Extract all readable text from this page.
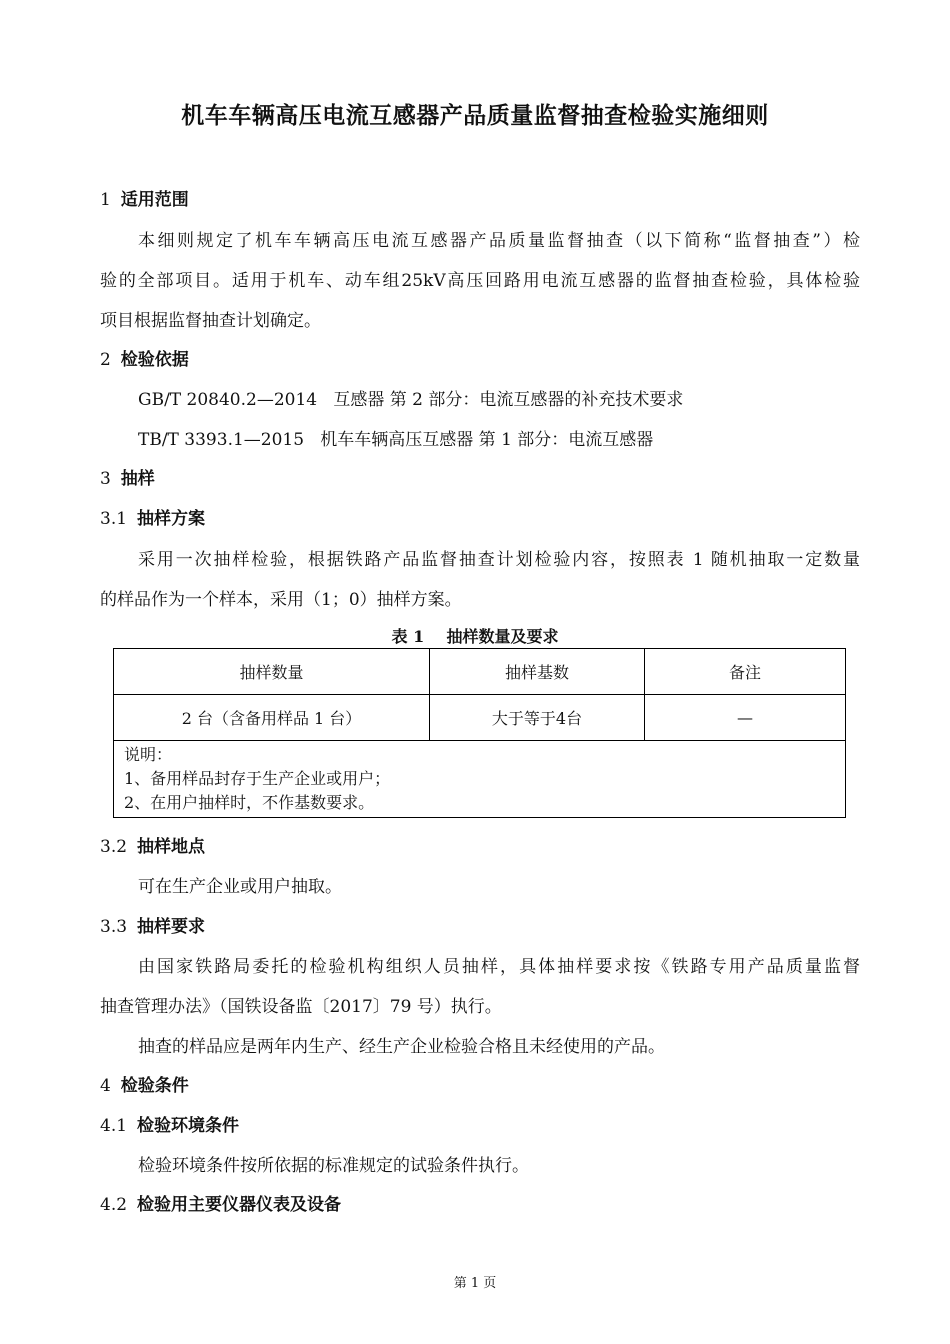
机车车辆高压电流互感器产品质量监督抽查检验实施细则
1 适用范围
本细则规定了机车车辆高压电流互感器产品质量监督抽查（以下简称“监督抽查”）检
验的全部项目。适用于机车、动车组25kV高压回路用电流互感器的监督抽查检验，具体检验
项目根据监督抽查计划确定。
2 检验依据
GB/T 20840.2—2014   互感器 第 2 部分：电流互感器的补充技术要求
TB/T 3393.1—2015   机车车辆高压互感器 第 1 部分：电流互感器
3 抽样
3.1 抽样方案
采用一次抽样检验，根据铁路产品监督抽查计划检验内容，按照表 1 随机抽取一定数量
的样品作为一个样本，采用（1；0）抽样方案。
表 1    抽样数量及要求
抽样数量	抽样基数	备注
2 台（含备用样品 1 台）	大于等于4台	—

说明：
1、备用样品封存于生产企业或用户；
2、在用户抽样时，不作基数要求。		
3.2 抽样地点
可在生产企业或用户抽取。
3.3 抽样要求
由国家铁路局委托的检验机构组织人员抽样，具体抽样要求按《铁路专用产品质量监督
抽查管理办法》（国铁设备监〔2017〕79 号）执行。
抽查的样品应是两年内生产、经生产企业检验合格且未经使用的产品。
4 检验条件
4.1 检验环境条件
检验环境条件按所依据的标准规定的试验条件执行。
4.2 检验用主要仪器仪表及设备
第 1 页
